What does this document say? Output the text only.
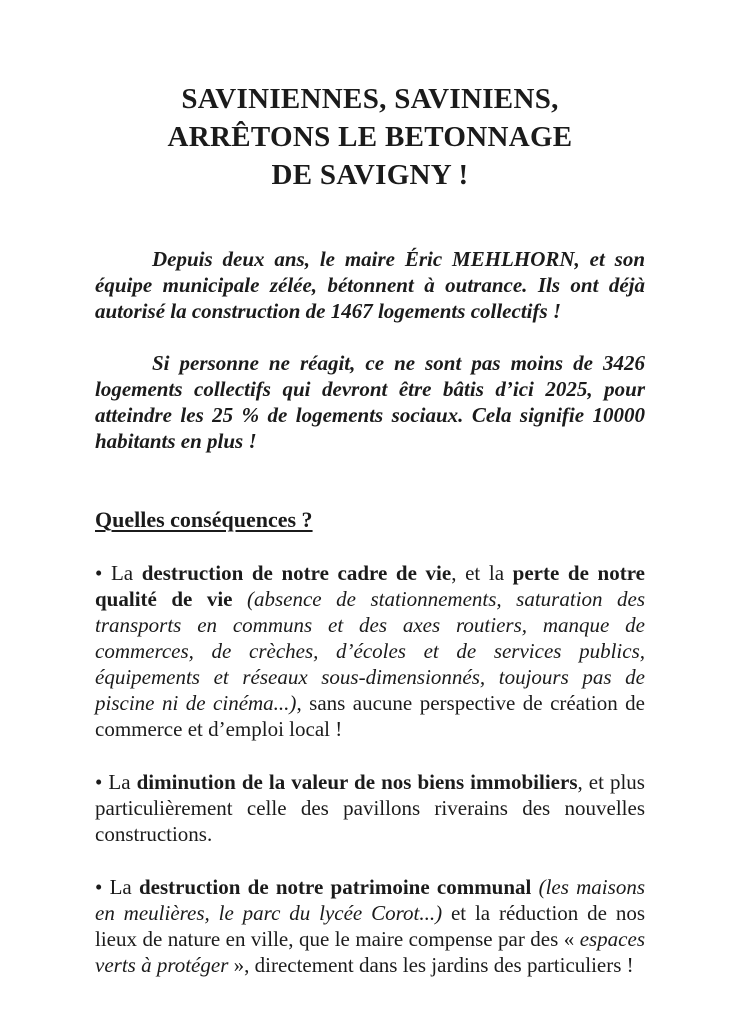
SAVINIENNES, SAVINIENS,
ARRÊTONS LE BETONNAGE
DE SAVIGNY !

Depuis deux ans, le maire Éric MEHLHORN, et son équipe municipale zélée, bétonnent à outrance. Ils ont déjà autorisé la construction de 1467 logements collectifs !

Si personne ne réagit, ce ne sont pas moins de 3426 logements collectifs qui devront être bâtis d’ici 2025, pour atteindre les 25 % de logements sociaux. Cela signifie 10000 habitants en plus !

Quelles conséquences ?

• La destruction de notre cadre de vie, et la perte de notre qualité de vie (absence de stationnements, saturation des transports en communs et des axes routiers, manque de commerces, de crèches, d’écoles et de services publics, équipements et réseaux sous-dimensionnés, toujours pas de piscine ni de cinéma...), sans aucune perspective de création de commerce et d’emploi local !

• La diminution de la valeur de nos biens immobiliers, et plus particulièrement celle des pavillons riverains des nouvelles constructions.

• La destruction de notre patrimoine communal (les maisons en meulières, le parc du lycée Corot...) et la réduction de nos lieux de nature en ville, que le maire compense par des « espaces verts à protéger », directement dans les jardins des particuliers !
